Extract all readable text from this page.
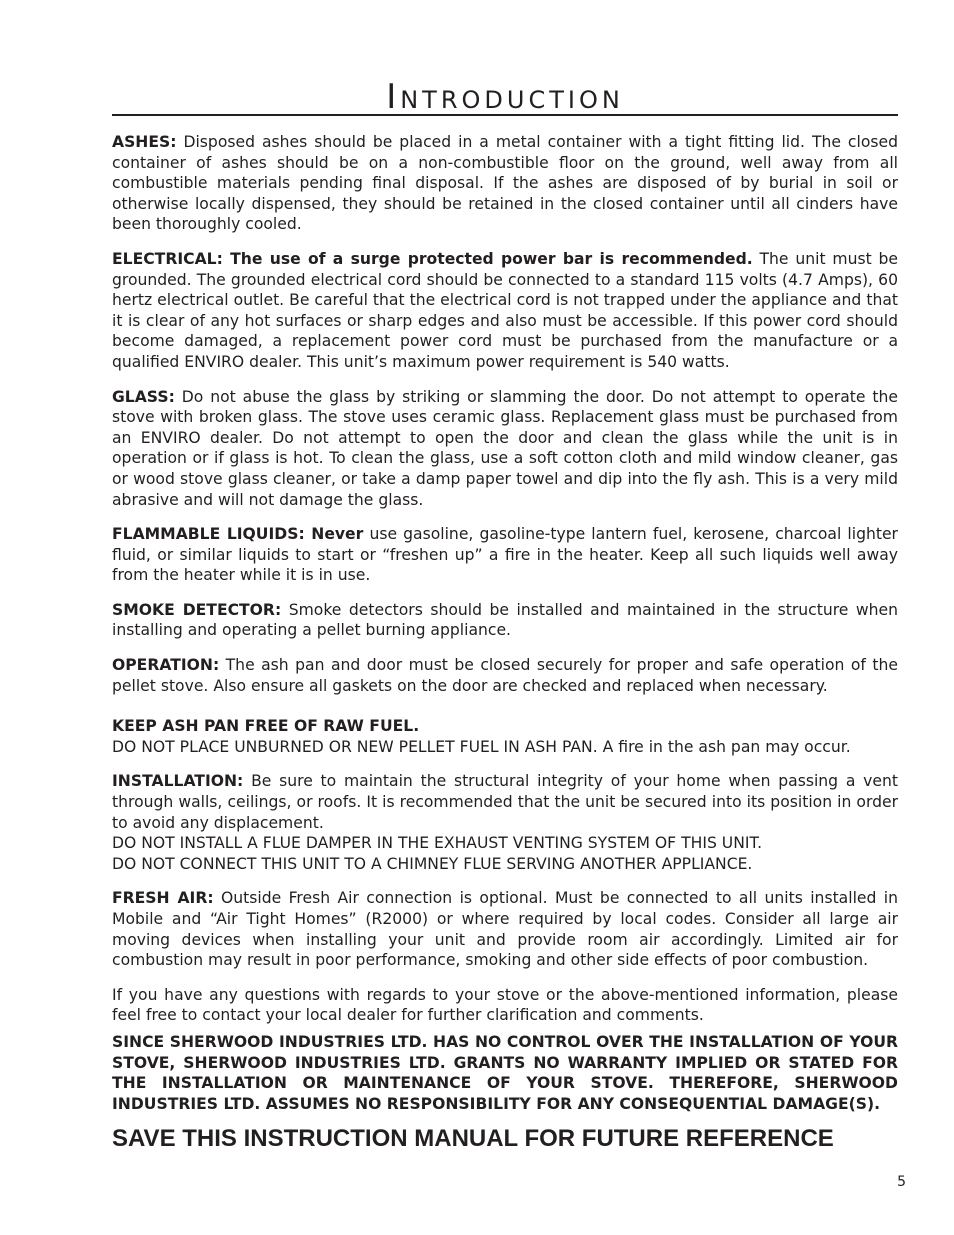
Introduction

ASHES: Disposed ashes should be placed in a metal container with a tight fitting lid. The closed container of ashes should be on a non-combustible floor on the ground, well away from all combustible materials pending final disposal. If the ashes are disposed of by burial in soil or otherwise locally dispensed, they should be retained in the closed container until all cinders have been thoroughly cooled.

ELECTRICAL: The use of a surge protected power bar is recommended. The unit must be grounded. The grounded electrical cord should be connected to a standard 115 volts (4.7 Amps), 60 hertz electrical outlet. Be careful that the electrical cord is not trapped under the appliance and that it is clear of any hot surfaces or sharp edges and also must be accessible. If this power cord should become damaged, a replacement power cord must be purchased from the manufacture or a qualified ENVIRO dealer. This unit’s maximum power requirement is 540 watts.

GLASS: Do not abuse the glass by striking or slamming the door. Do not attempt to operate the stove with broken glass. The stove uses ceramic glass. Replacement glass must be purchased from an ENVIRO dealer. Do not attempt to open the door and clean the glass while the unit is in operation or if glass is hot. To clean the glass, use a soft cotton cloth and mild window cleaner, gas or wood stove glass cleaner, or take a damp paper towel and dip into the fly ash. This is a very mild abrasive and will not damage the glass.

FLAMMABLE LIQUIDS: Never use gasoline, gasoline-type lantern fuel, kerosene, charcoal lighter fluid, or similar liquids to start or “freshen up” a fire in the heater. Keep all such liquids well away from the heater while it is in use.

SMOKE DETECTOR: Smoke detectors should be installed and maintained in the structure when installing and operating a pellet burning appliance.

OPERATION: The ash pan and door must be closed securely for proper and safe operation of the pellet stove. Also ensure all gaskets on the door are checked and replaced when necessary.

KEEP ASH PAN FREE OF RAW FUEL.

DO NOT PLACE UNBURNED OR NEW PELLET FUEL IN ASH PAN. A fire in the ash pan may occur.

INSTALLATION: Be sure to maintain the structural integrity of your home when passing a vent through walls, ceilings, or roofs. It is recommended that the unit be secured into its position in order to avoid any displacement.

DO NOT INSTALL A FLUE DAMPER IN THE EXHAUST VENTING SYSTEM OF THIS UNIT.

DO NOT CONNECT THIS UNIT TO A CHIMNEY FLUE SERVING ANOTHER APPLIANCE.

FRESH AIR: Outside Fresh Air connection is optional. Must be connected to all units installed in Mobile and “Air Tight Homes” (R2000) or where required by local codes. Consider all large air moving devices when installing your unit and provide room air accordingly. Limited air for combustion may result in poor performance, smoking and other side effects of poor combustion.

If you have any questions with regards to your stove or the above-mentioned information, please feel free to contact your local dealer for further clarification and comments.

SINCE SHERWOOD INDUSTRIES LTD. HAS NO CONTROL OVER THE INSTALLATION OF YOUR STOVE, SHERWOOD INDUSTRIES LTD. GRANTS NO WARRANTY IMPLIED OR STATED FOR THE INSTALLATION OR MAINTENANCE OF YOUR STOVE. THEREFORE, SHERWOOD INDUSTRIES LTD. ASSUMES NO RESPONSIBILITY FOR ANY CONSEQUENTIAL DAMAGE(S).

SAVE THIS INSTRUCTION MANUAL FOR FUTURE REFERENCE

5
